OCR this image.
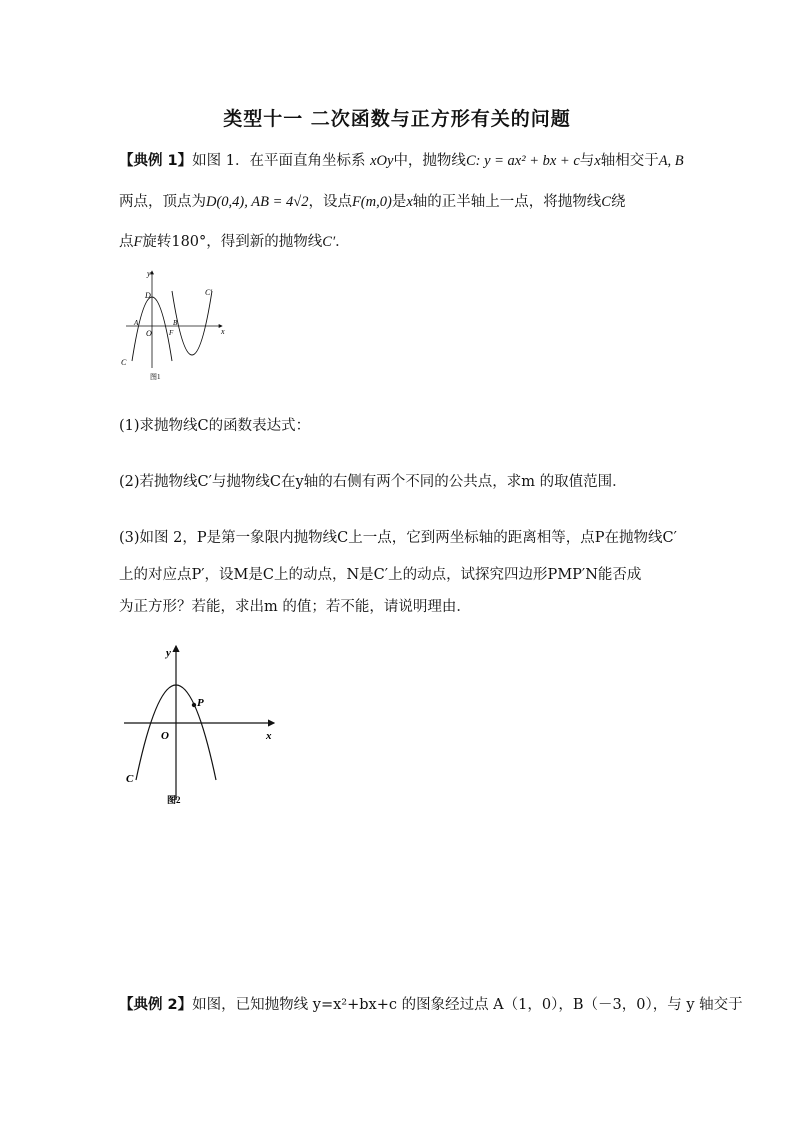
类型十一 二次函数与正方形有关的问题
【典例 1】如图 1．在平面直角坐标系 xOy中，抛物线C: y = ax² + bx + c与x轴相交于A, B
两点，顶点为D(0,4), AB = 4√2，设点F(m,0)是x轴的正半轴上一点，将抛物线C绕
点F旋转180°，得到新的抛物线C′．
y
x
D
A
O
B
F
C
C′
图1
(1)求抛物线C的函数表达式：
(2)若抛物线C′与抛物线C在y轴的右侧有两个不同的公共点，求m 的取值范围．
(3)如图 2，P是第一象限内抛物线C上一点，它到两坐标轴的距离相等，点P在抛物线C′
上的对应点P′，设M是C上的动点，N是C′上的动点，试探究四边形PMP′N能否成
为正方形？若能，求出m 的值；若不能，请说明理由．
y
x
O
P
C
图2
【典例 2】如图，已知抛物线 y=x²+bx+c 的图象经过点 A（1，0），B（－3，0），与 y 轴交于
